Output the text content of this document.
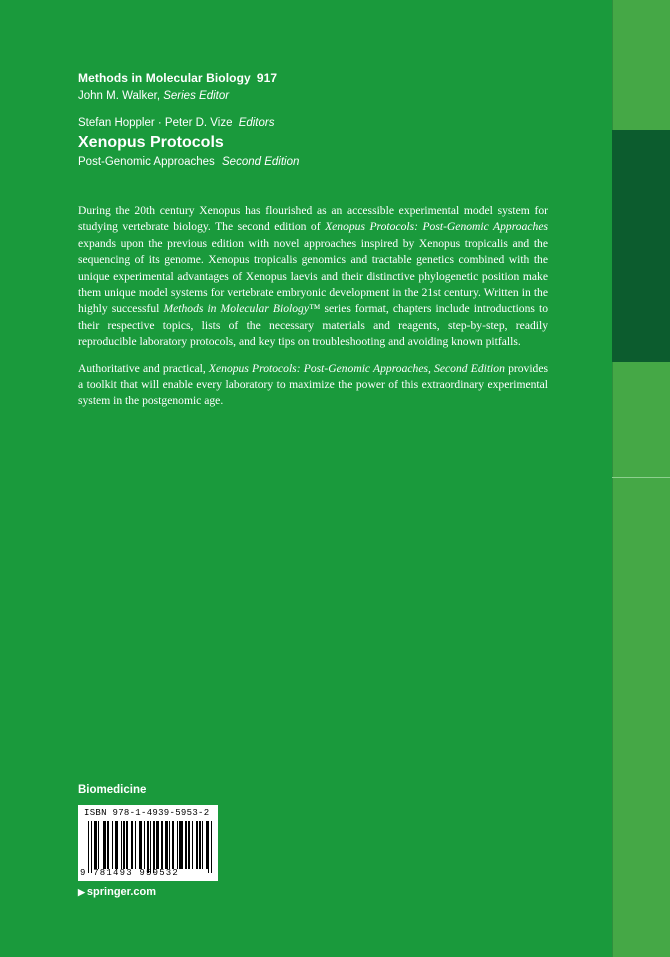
Methods in Molecular Biology 917
John M. Walker, Series Editor
Stefan Hoppler · Peter D. Vize Editors
Xenopus Protocols
Post-Genomic Approaches Second Edition

During the 20th century Xenopus has flourished as an accessible experimental model system for studying vertebrate biology. The second edition of Xenopus Protocols: Post-Genomic Approaches expands upon the previous edition with novel approaches inspired by Xenopus tropicalis and the sequencing of its genome. Xenopus tropicalis genomics and tractable genetics combined with the unique experimental advantages of Xenopus laevis and their distinctive phylogenetic position make them unique model systems for vertebrate embryonic development in the 21st century. Written in the highly successful Methods in Molecular Biology™ series format, chapters include introductions to their respective topics, lists of the necessary materials and reagents, step-by-step, readily reproducible laboratory protocols, and key tips on troubleshooting and avoiding known pitfalls.

Authoritative and practical, Xenopus Protocols: Post-Genomic Approaches, Second Edition provides a toolkit that will enable every laboratory to maximize the power of this extraordinary experimental system in the postgenomic age.

Biomedicine
ISBN 978-1-4939-5953-2
9 781493 959532
▶ springer.com
